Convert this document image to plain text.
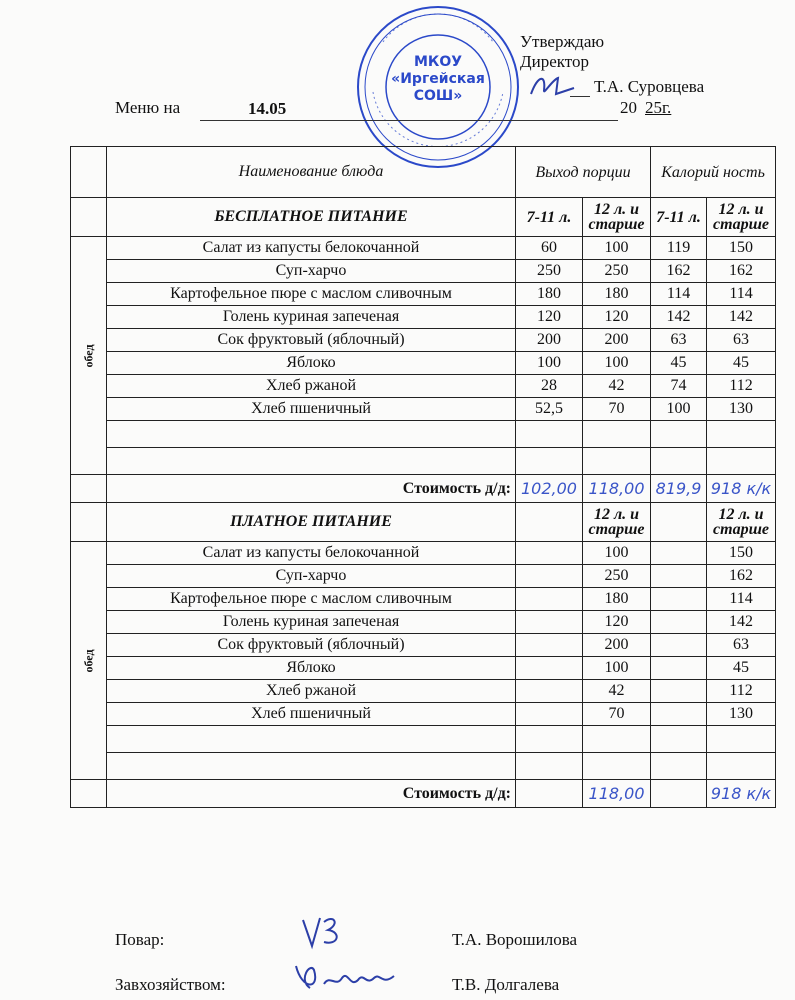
МКОУ
«Иргейская
СОШ»
Утверждаю
Директор
Т.А. Суровцева
Меню на	14.05	20 25г.
	Наименование блюда	Выход порции		Калорий ность	
	БЕСПЛАТНОЕ ПИТАНИЕ	7-11 л.	12 л. и старше	7-11 л.	12 л. и старше

обед	Салат из капусты белокочанной	60	100	119	150
	Суп-харчо	250	250	162	162
	Картофельное пюре с маслом сливочным	180	180	114	114
	Голень куриная запеченая	120	120	142	142
	Сок фруктовый (яблочный)	200	200	63	63
	Яблоко	100	100	45	45
	Хлеб ржаной	28	42	74	112
	Хлеб пшеничный	52,5	70	100	130

	Стоимость д/д:	102,00	118,00	819,9	918 к/к
	ПЛАТНОЕ ПИТАНИЕ		12 л. и старше		12 л. и старше

обед	Салат из капусты белокочанной		100		150
	Суп-харчо		250		162
	Картофельное пюре с маслом сливочным		180		114
	Голень куриная запеченая		120		142
	Сок фруктовый (яблочный)		200		63
	Яблоко		100		45
	Хлеб ржаной		42		112
	Хлеб пшеничный		70		130

	Стоимость д/д:		118,00		918 к/к
Повар:	Т.А. Ворошилова
Завхозяйством:	Т.В. Долгалева
